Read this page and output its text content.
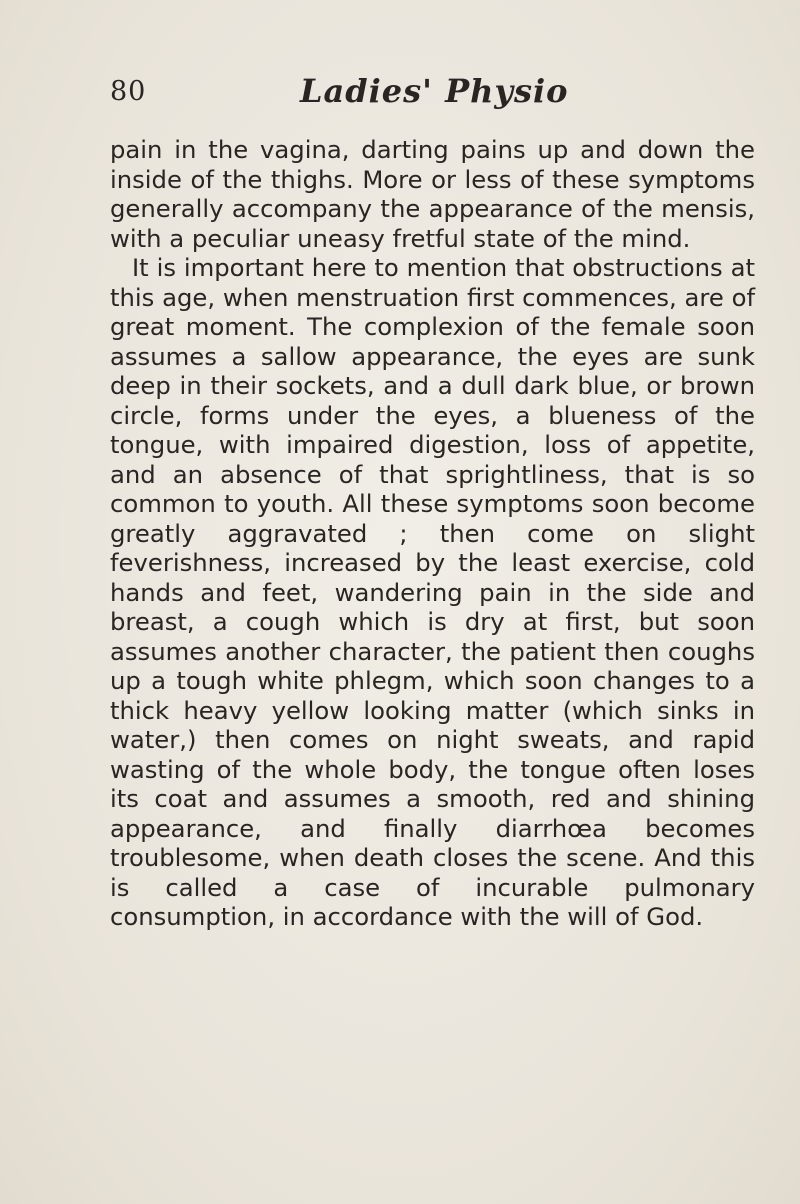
80	Ladies' Physio

pain in the vagina, darting pains up and down the inside of the thighs. More or less of these symptoms generally accompany the appearance of the mensis, with a peculiar uneasy fretful state of the mind.

It is important here to mention that obstructions at this age, when menstruation first commences, are of great moment. The complexion of the female soon assumes a sallow appearance, the eyes are sunk deep in their sockets, and a dull dark blue, or brown circle, forms under the eyes, a blueness of the tongue, with impaired digestion, loss of appetite, and an absence of that sprightliness, that is so common to youth. All these symptoms soon become greatly aggravated ; then come on slight feverishness, increased by the least exercise, cold hands and feet, wandering pain in the side and breast, a cough which is dry at first, but soon assumes another character, the patient then coughs up a tough white phlegm, which soon changes to a thick heavy yellow looking matter (which sinks in water,) then comes on night sweats, and rapid wasting of the whole body, the tongue often loses its coat and assumes a smooth, red and shining appearance, and finally diarrhœa becomes troublesome, when death closes the scene. And this is called a case of incurable pulmonary consumption, in accordance with the will of God.
